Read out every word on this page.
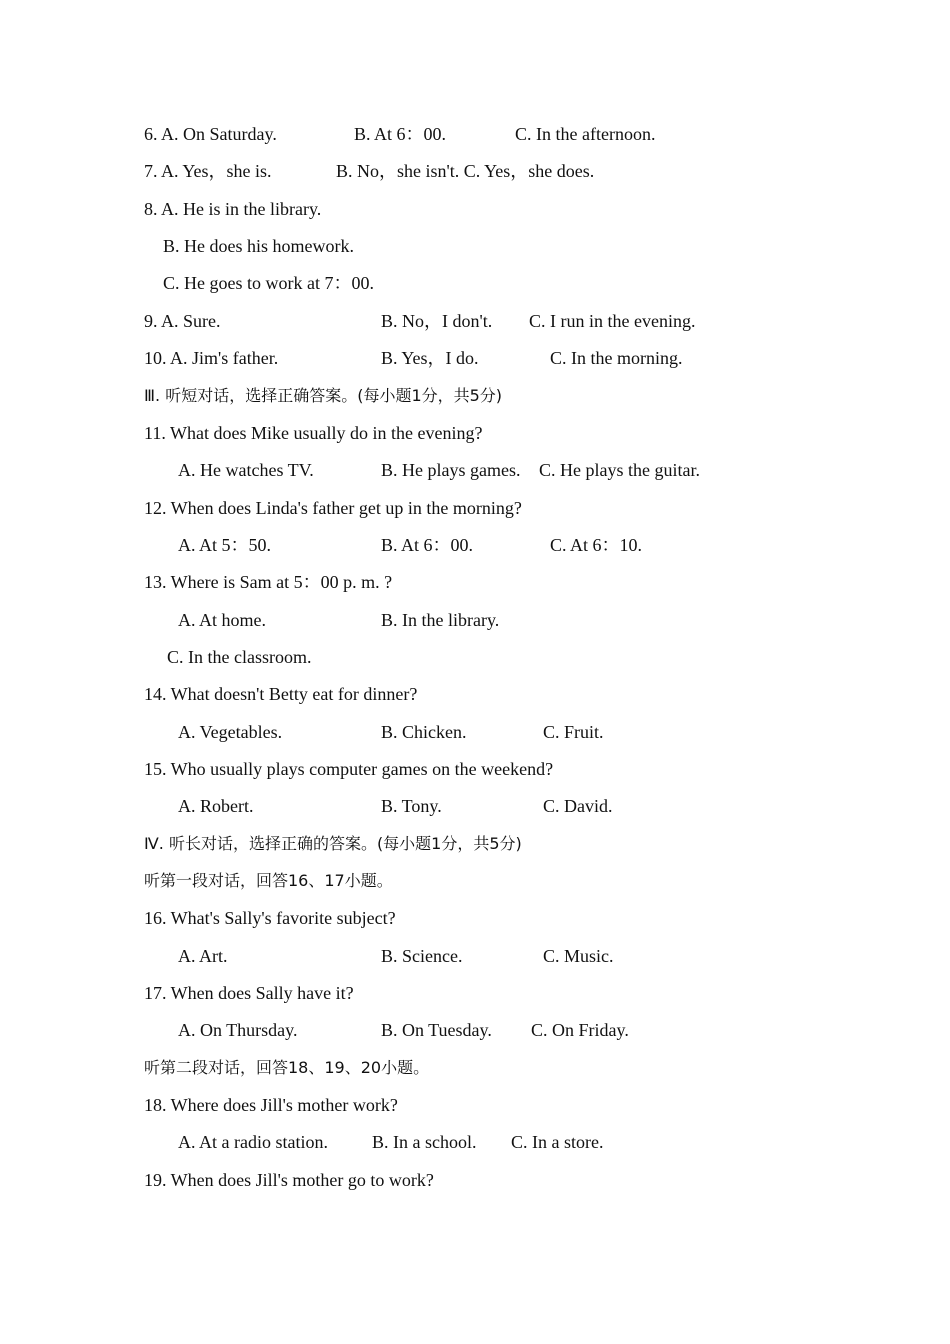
6. A. On Saturday.	B. At 6：00.	C. In the afternoon.
7. A. Yes，she is.	B. No，she isn't. C. Yes，she does.
8. A. He is in the library.
B. He does his homework.
C. He goes to work at 7：00.
9. A. Sure.	B. No，I don't. C. I run in the evening.
10. A. Jim's father.	B. Yes，I do.	C. In the morning.
Ⅲ. 听短对话，选择正确答案。(每小题1分，共5分)
11. What does Mike usually do in the evening?
A. He watches TV.	B. He plays games. C. He plays the guitar.
12. When does Linda's father get up in the morning?
A. At 5：50.	B. At 6：00.	C. At 6：10.
13. Where is Sam at 5：00 p. m. ?
A. At home.	B. In the library.
C. In the classroom.
14. What doesn't Betty eat for dinner?
A. Vegetables.	B. Chicken.	C. Fruit.
15. Who usually plays computer games on the weekend?
A. Robert.	B. Tony.	C. David.
Ⅳ. 听长对话，选择正确的答案。(每小题1分，共5分)
听第一段对话，回答16、17小题。
16. What's Sally's favorite subject?
A. Art.	B. Science.	C. Music.
17. When does Sally have it?
A. On Thursday.	B. On Tuesday. C. On Friday.
听第二段对话，回答18、19、20小题。
18. Where does Jill's mother work?
A. At a radio station. B. In a school. C. In a store.
19. When does Jill's mother go to work?
